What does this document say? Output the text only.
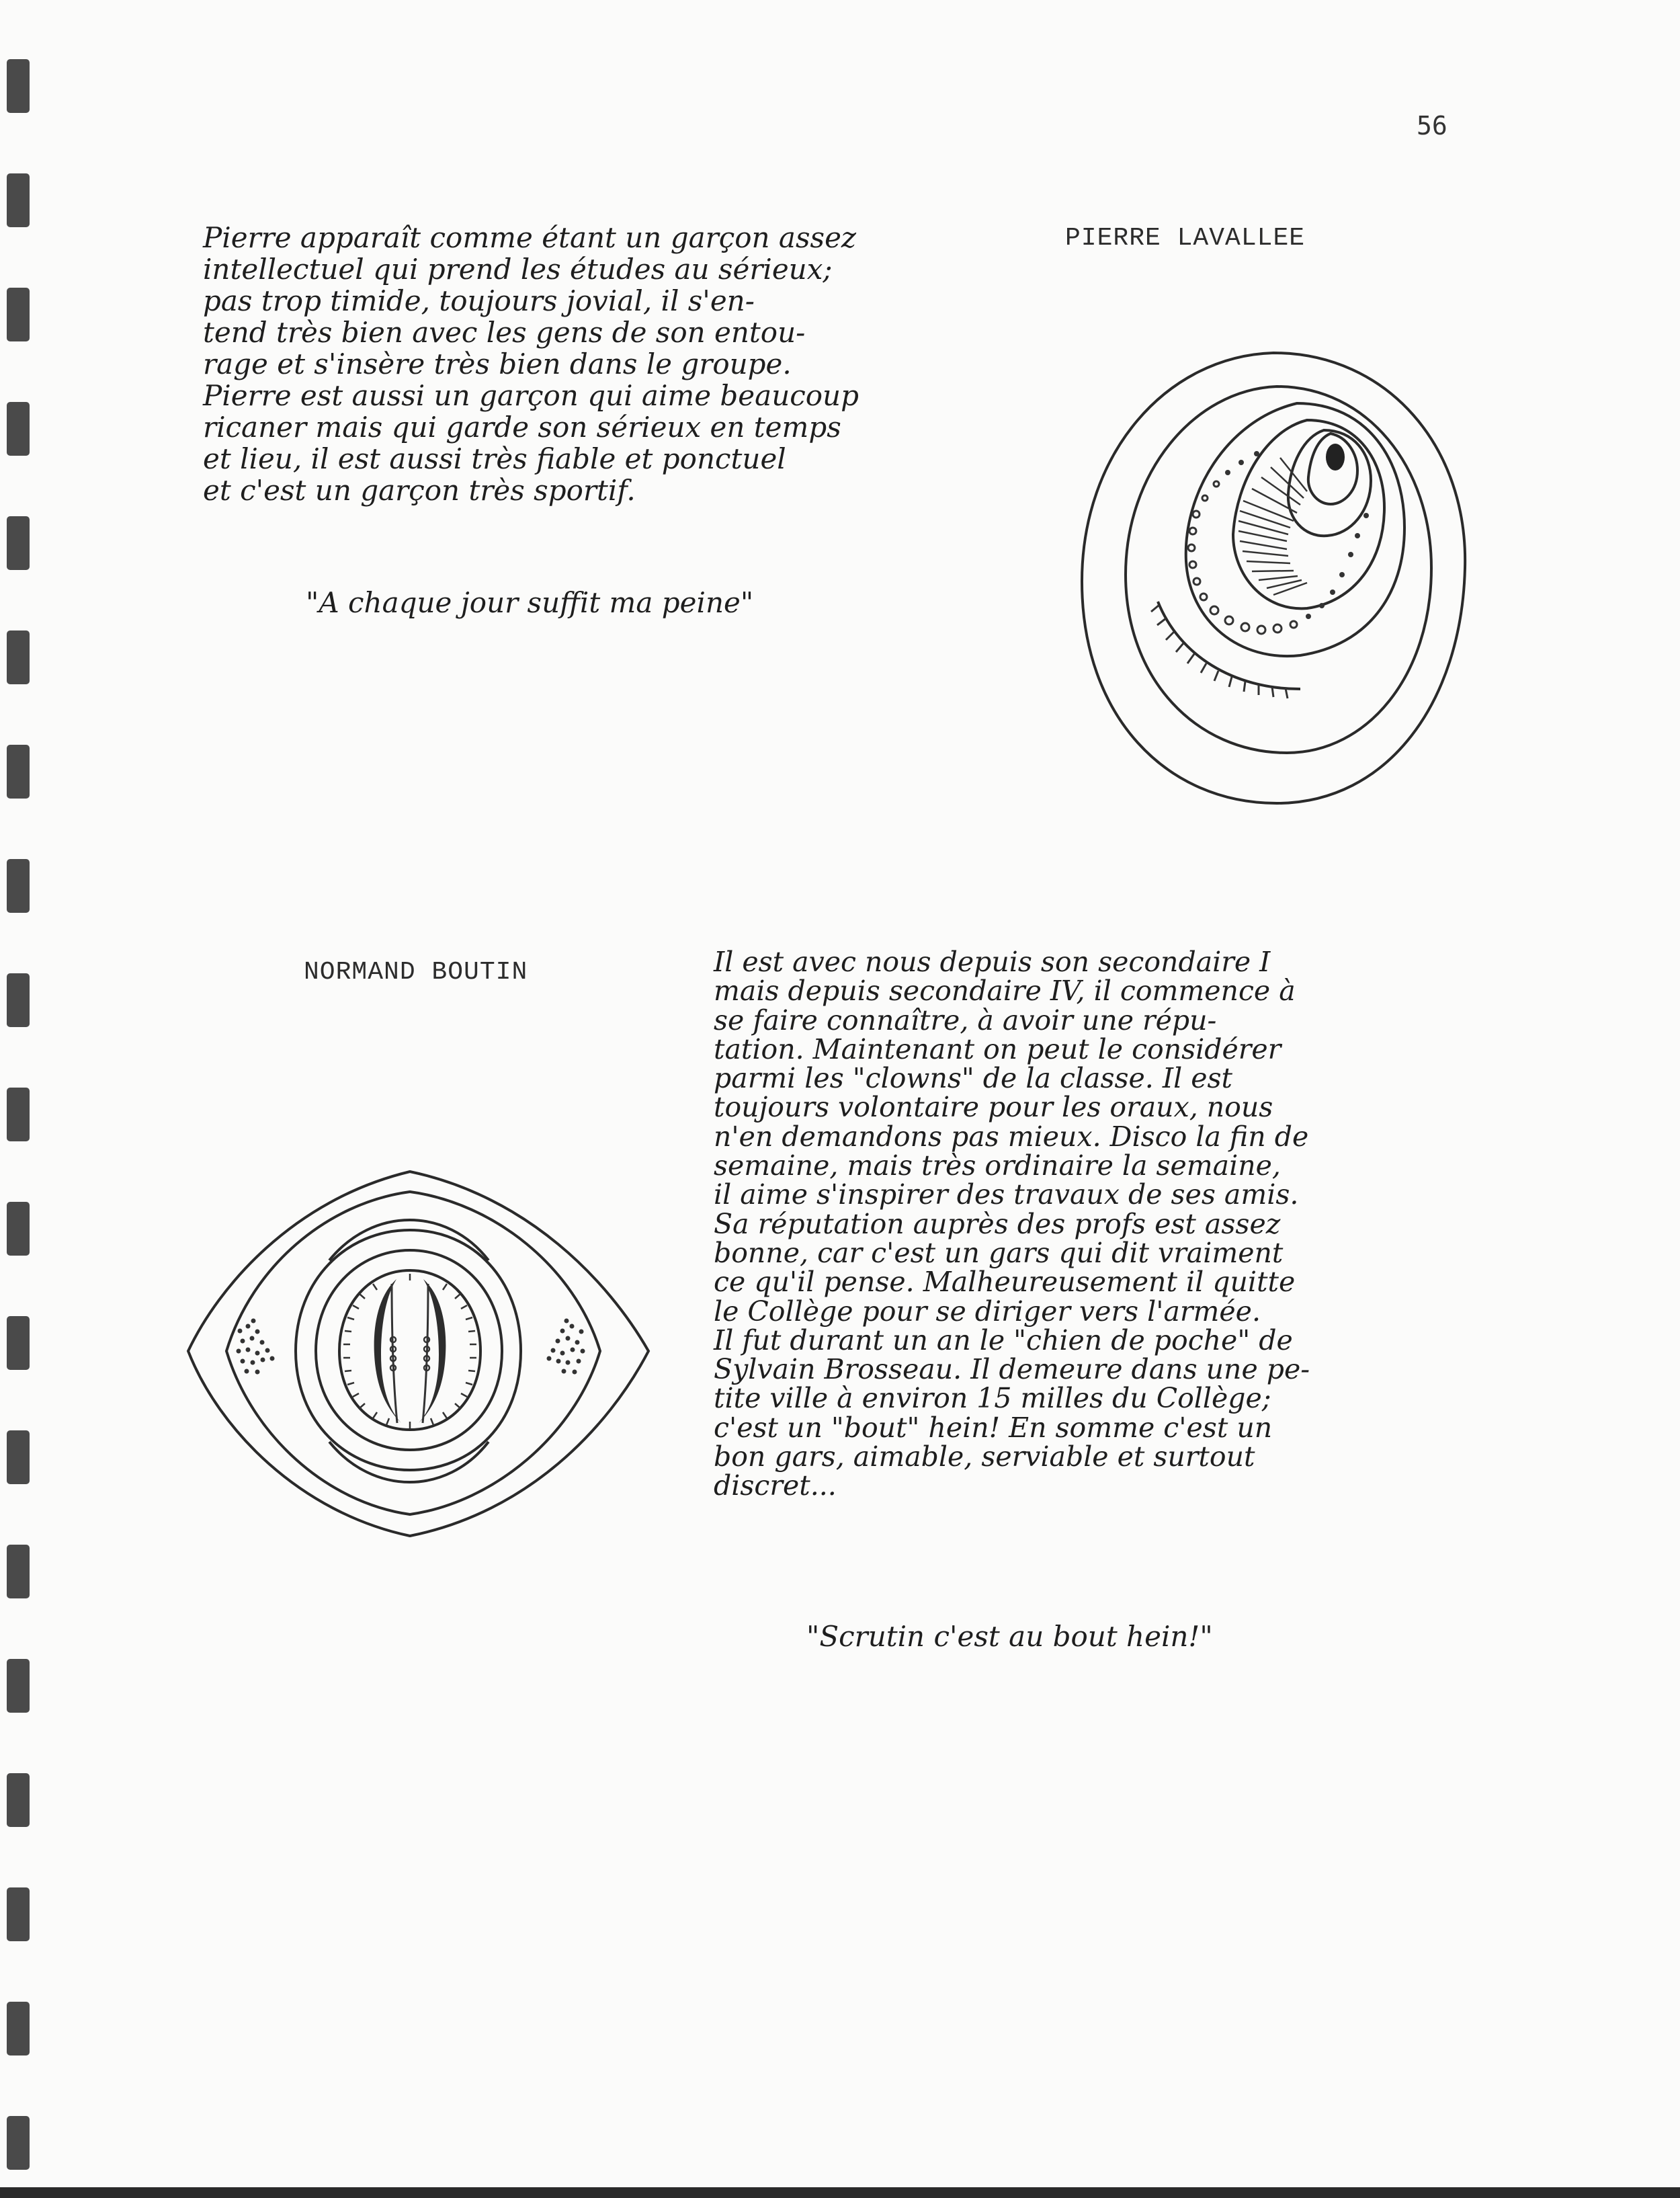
56
Pierre apparaît comme étant un garçon assez
intellectuel qui prend les études au sérieux;
pas trop timide, toujours jovial, il s'en-
tend très bien avec les gens de son entou-
rage et s'insère très bien dans le groupe.
Pierre est aussi un garçon qui aime beaucoup
ricaner mais qui garde son sérieux en temps
et lieu, il est aussi très fiable et ponctuel
et c'est un garçon très sportif.
"A chaque jour suffit ma peine"
PIERRE LAVALLEE
NORMAND BOUTIN	Il est avec nous depuis son secondaire I
mais depuis secondaire IV, il commence à
se faire connaître, à avoir une répu-
tation. Maintenant on peut le considérer
parmi les "clowns" de la classe. Il est
toujours volontaire pour les oraux, nous
n'en demandons pas mieux. Disco la fin de
semaine, mais très ordinaire la semaine,
il aime s'inspirer des travaux de ses amis.
Sa réputation auprès des profs est assez
bonne, car c'est un gars qui dit vraiment
ce qu'il pense. Malheureusement il quitte
le Collège pour se diriger vers l'armée.
Il fut durant un an le "chien de poche" de
Sylvain Brosseau. Il demeure dans une pe-
tite ville à environ 15 milles du Collège;
c'est un "bout" hein! En somme c'est un
bon gars, aimable, serviable et surtout
discret...
"Scrutin c'est au bout hein!"
